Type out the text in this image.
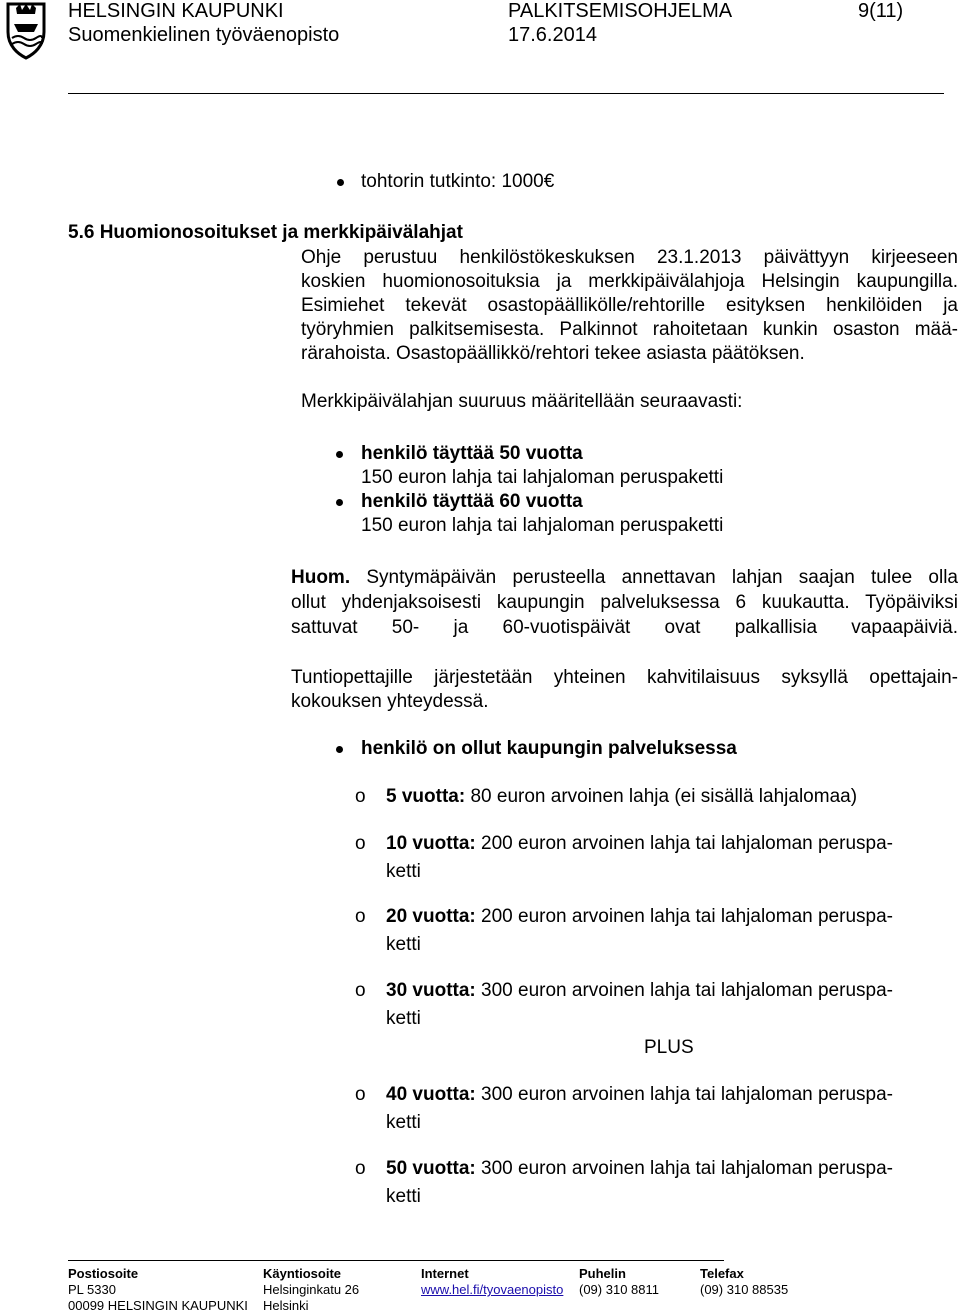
HELSINGIN KAUPUNKI
Suomenkielinen työväenopisto
PALKITSEMISOHJELMA
17.6.2014
9(11)
tohtorin tutkinto: 1000€
5.6 Huomionosoitukset ja merkkipäivälahjat
Ohje perustuu henkilöstökeskuksen 23.1.2013 päivättyyn kirjeeseen
koskien huomionosoituksia ja merkkipäivälahjoja Helsingin kaupungilla.
Esimiehet tekevät osastopäällikölle/rehtorille esityksen henkilöiden ja
työryhmien palkitsemisesta. Palkinnot rahoitetaan kunkin osaston mää-
rärahoista. Osastopäällikkö/rehtori tekee asiasta päätöksen.
Merkkipäivälahjan suuruus määritellään seuraavasti:
henkilö täyttää 50 vuotta
150 euron lahja tai lahjaloman peruspaketti
henkilö täyttää 60 vuotta
150 euron lahja tai lahjaloman peruspaketti
Huom. Syntymäpäivän perusteella annettavan lahjan saajan tulee olla
ollut yhdenjaksoisesti kaupungin palveluksessa 6 kuukautta. Työpäiviksi
sattuvat 50- ja 60-vuotispäivät ovat palkallisia vapaapäiviä.
Tuntiopettajille järjestetään yhteinen kahvitilaisuus syksyllä opettajain-
kokouksen yhteydessä.
henkilö on ollut kaupungin palveluksessa
o 5 vuotta: 80 euron arvoinen lahja (ei sisällä lahjalomaa)
o 10 vuotta: 200 euron arvoinen lahja tai lahjaloman peruspa-
ketti
o 20 vuotta: 200 euron arvoinen lahja tai lahjaloman peruspa-
ketti
o 30 vuotta: 300 euron arvoinen lahja tai lahjaloman peruspa-
ketti
PLUS
o 40 vuotta: 300 euron arvoinen lahja tai lahjaloman peruspa-
ketti
o 50 vuotta: 300 euron arvoinen lahja tai lahjaloman peruspa-
ketti
Postiosoite
PL 5330
00099 HELSINGIN KAUPUNKI
Käyntiosoite
Helsinginkatu 26
Helsinki
Internet
www.hel.fi/tyovaenopisto
Puhelin
(09) 310 8811
Telefax
(09) 310 88535
